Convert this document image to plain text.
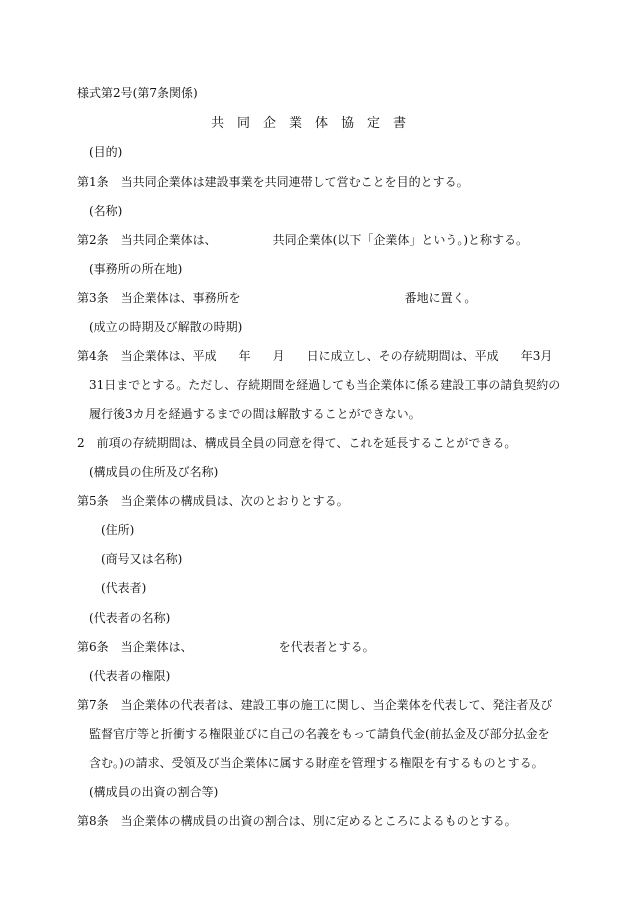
様式第2号(第7条関係)
共同企業体協定書
(目的)
第1条　当共同企業体は建設事業を共同連帯して営むことを目的とする。
(名称)
第2条　当共同企業体は、	共同企業体(以下「企業体」という。)と称する。
(事務所の所在地)
第3条　当企業体は、事務所を	番地に置く。
(成立の時期及び解散の時期)
第4条　当企業体は、平成 年 月 日に成立し、その存続期間は、平成 年3月
31日までとする。ただし、存続期間を経過しても当企業体に係る建設工事の請負契約の
履行後3カ月を経過するまでの間は解散することができない。
2　前項の存続期間は、構成員全員の同意を得て、これを延長することができる。
(構成員の住所及び名称)
第5条　当企業体の構成員は、次のとおりとする。
(住所)
(商号又は名称)
(代表者)
(代表者の名称)
第6条　当企業体は、	を代表者とする。
(代表者の権限)
第7条　当企業体の代表者は、建設工事の施工に関し、当企業体を代表して、発注者及び
監督官庁等と折衝する権限並びに自己の名義をもって請負代金(前払金及び部分払金を
含む。)の請求、受領及び当企業体に属する財産を管理する権限を有するものとする。
(構成員の出資の割合等)
第8条　当企業体の構成員の出資の割合は、別に定めるところによるものとする。
